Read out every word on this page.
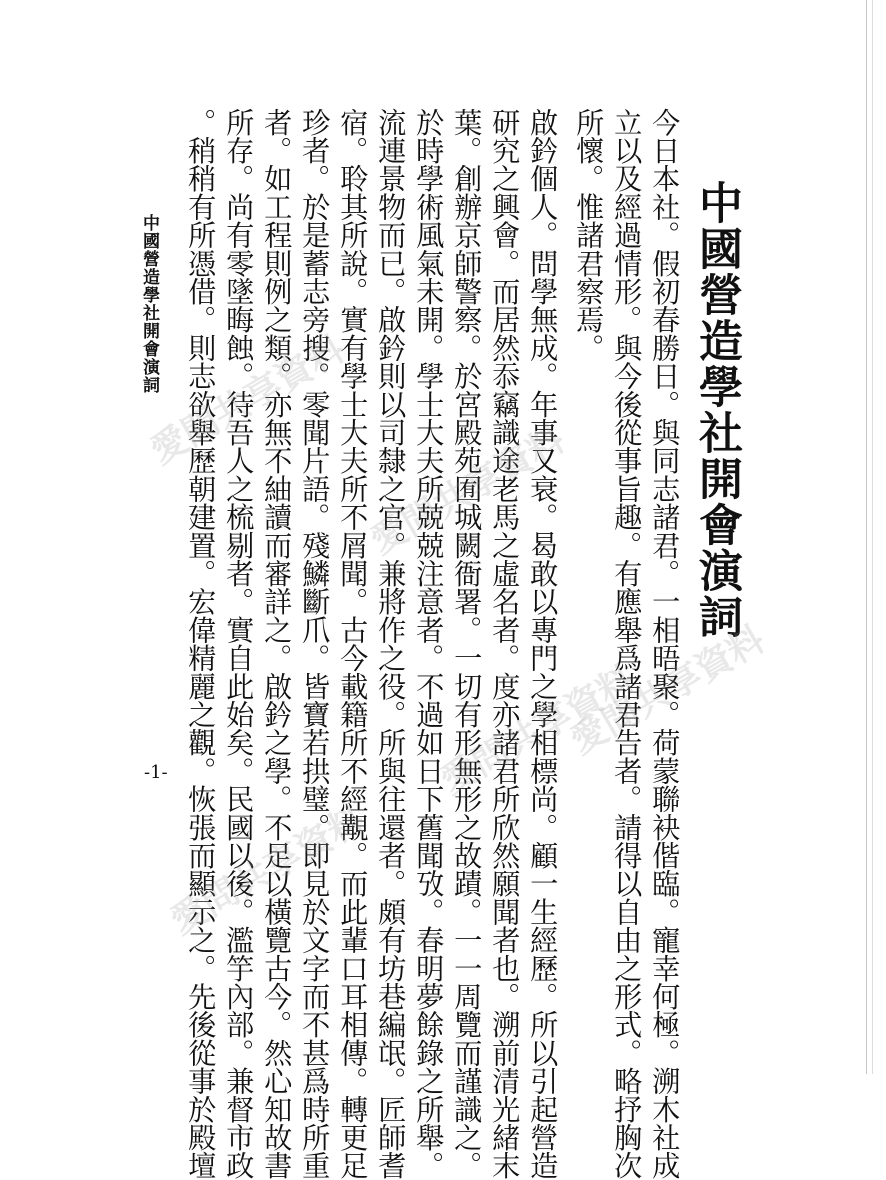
中國營造學社開會演詞
今日本社。假初春勝日。與同志諸君。一相晤聚。荷蒙聯袂偕臨。寵幸何極。溯木社成
立以及經過情形。與今後從事旨趣。有應舉爲諸君告者。請得以自由之形式。略抒胸次
所懷。惟諸君察焉。
啟鈐個人。問學無成。年事又衰。曷敢以專門之學相標尚。顧一生經歷。所以引起營造
研究之興會。而居然忝竊識途老馬之虛名者。度亦諸君所欣然願聞者也。溯前清光緒末
葉。創辦京師警察。於宮殿苑囿城闕衙署。一切有形無形之故蹟。一一周覽而謹識之。
於時學術風氣未開。學士大夫所兢兢注意者。不過如日下舊聞攷。春明夢餘錄之所舉。
流連景物而已。啟鈐則以司隸之官。兼將作之役。所與往還者。頗有坊巷編氓。匠師耆
宿。聆其所說。實有學士大夫所不屑聞。古今載籍所不經覯。而此輩口耳相傳。轉更足
珍者。於是蓄志旁搜。零聞片語。殘鱗斷爪。皆寶若拱璧。即見於文字而不甚爲時所重
者。如工程則例之類。亦無不紬讀而審詳之。啟鈐之學。不足以橫覽古今。然心知故書
所存。尚有零墜晦蝕。待吾人之梳剔者。實自此始矣。民國以後。濫竽內部。兼督市政
。稍稍有所憑借。則志欲舉歷朝建置。宏偉精麗之觀。恢張而顯示之。先後從事於殿壇
中國營造學社開會演詞
-1-
愛問共享資料
愛問共享資料
愛問共享資料
愛問共享資料
愛問共享資料
